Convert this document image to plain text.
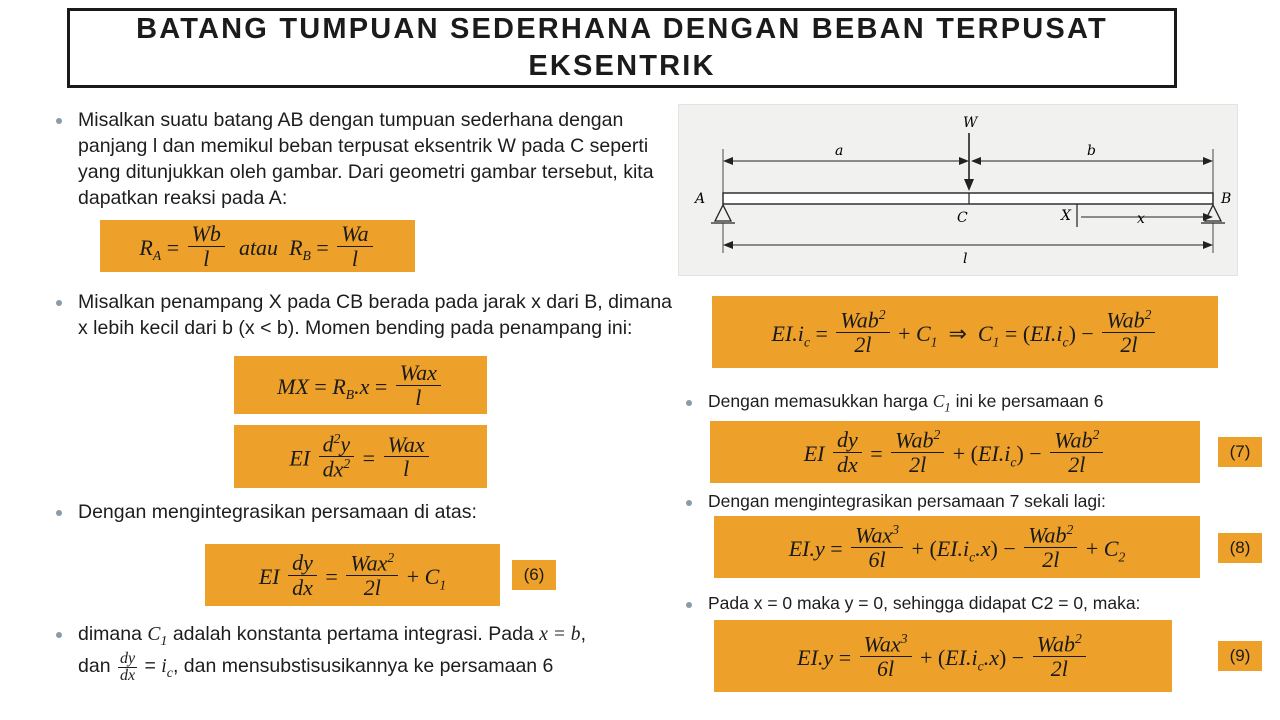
BATANG TUMPUAN SEDERHANA DENGAN BEBAN TERPUSAT EKSENTRIK
Misalkan suatu batang AB dengan tumpuan sederhana dengan panjang l dan memikul beban terpusat eksentrik W pada C seperti yang ditunjukkan oleh gambar. Dari geometri gambar tersebut, kita dapatkan reaksi pada A:
$R_A = \frac{Wb}{l}$ atau  $R_B = \frac{Wa}{l}$
Misalkan penampang X pada CB berada pada jarak x dari B, dimana x lebih kecil dari b (x < b). Momen bending pada penampang ini:
MX = $R_B.x = \frac{\text{Wax}}{l}$
EI $\frac{d^2y}{dx^2} = \frac{\text{Wax}}{l}$
Dengan mengintegrasikan persamaan di atas:
EI $\frac{dy}{dx} = \frac{Wax^2}{2l} + C_1$
(6)
dimana $C_1$ adalah konstanta pertama integrasi. Pada x = b,
dan $\frac{dy}{dx} = i_c$, dan mensubstisusikannya ke persamaan 6
W
a	b
A	B
C	X	x
l
$EI.i_c = \frac{Wab^2}{2l} + C_1$  ⇒  $C_1 = (EI.i_c) - \frac{Wab^2}{2l}$
Dengan memasukkan harga $C_1$ ini ke persamaan 6
EI $\frac{dy}{dx} = \frac{Wab^2}{2l} + (EI.i_c) - \frac{Wab^2}{2l}$	(7)
Dengan mengintegrasikan persamaan 7 sekali lagi:
$EI.y = \frac{Wax^3}{6l} + (EI.i_c.x) - \frac{Wab^2}{2l} + C_2$	(8)
Pada x = 0 maka y = 0, sehingga didapat C2 = 0, maka:
$EI.y = \frac{Wax^3}{6l} + (EI.i_c.x) - \frac{Wab^2}{2l}$	(9)
